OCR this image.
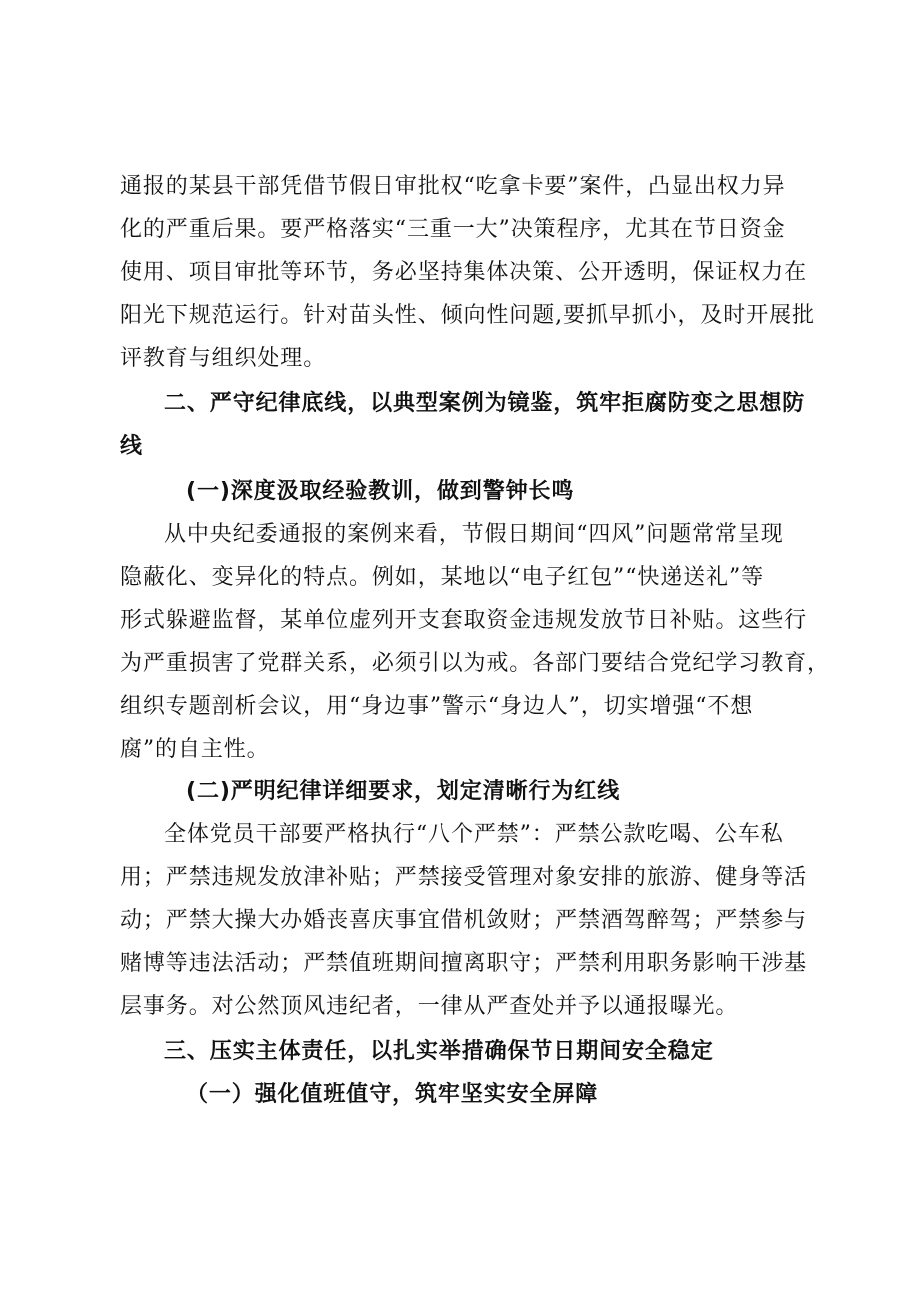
通报的某县干部凭借节假日审批权“吃拿卡要”案件，凸显出权力异
化的严重后果。要严格落实“三重一大”决策程序，尤其在节日资金
使用、项目审批等环节，务必坚持集体决策、公开透明，保证权力在
阳光下规范运行。针对苗头性、倾向性问题,要抓早抓小，及时开展批
评教育与组织处理。
二、严守纪律底线，以典型案例为镜鉴，筑牢拒腐防变之思想防
线
(一)深度汲取经验教训，做到警钟长鸣
从中央纪委通报的案例来看，节假日期间“四风”问题常常呈现
隐蔽化、变异化的特点。例如，某地以“电子红包”“快递送礼”等
形式躲避监督，某单位虚列开支套取资金违规发放节日补贴。这些行
为严重损害了党群关系，必须引以为戒。各部门要结合党纪学习教育，
组织专题剖析会议，用“身边事”警示“身边人”，切实增强“不想
腐”的自主性。
(二)严明纪律详细要求，划定清晰行为红线
全体党员干部要严格执行“八个严禁”：严禁公款吃喝、公车私
用；严禁违规发放津补贴；严禁接受管理对象安排的旅游、健身等活
动；严禁大操大办婚丧喜庆事宜借机敛财；严禁酒驾醉驾；严禁参与
赌博等违法活动；严禁值班期间擅离职守；严禁利用职务影响干涉基
层事务。对公然顶风违纪者，一律从严查处并予以通报曝光。
三、压实主体责任，以扎实举措确保节日期间安全稳定
（一）强化值班值守，筑牢坚实安全屏障
